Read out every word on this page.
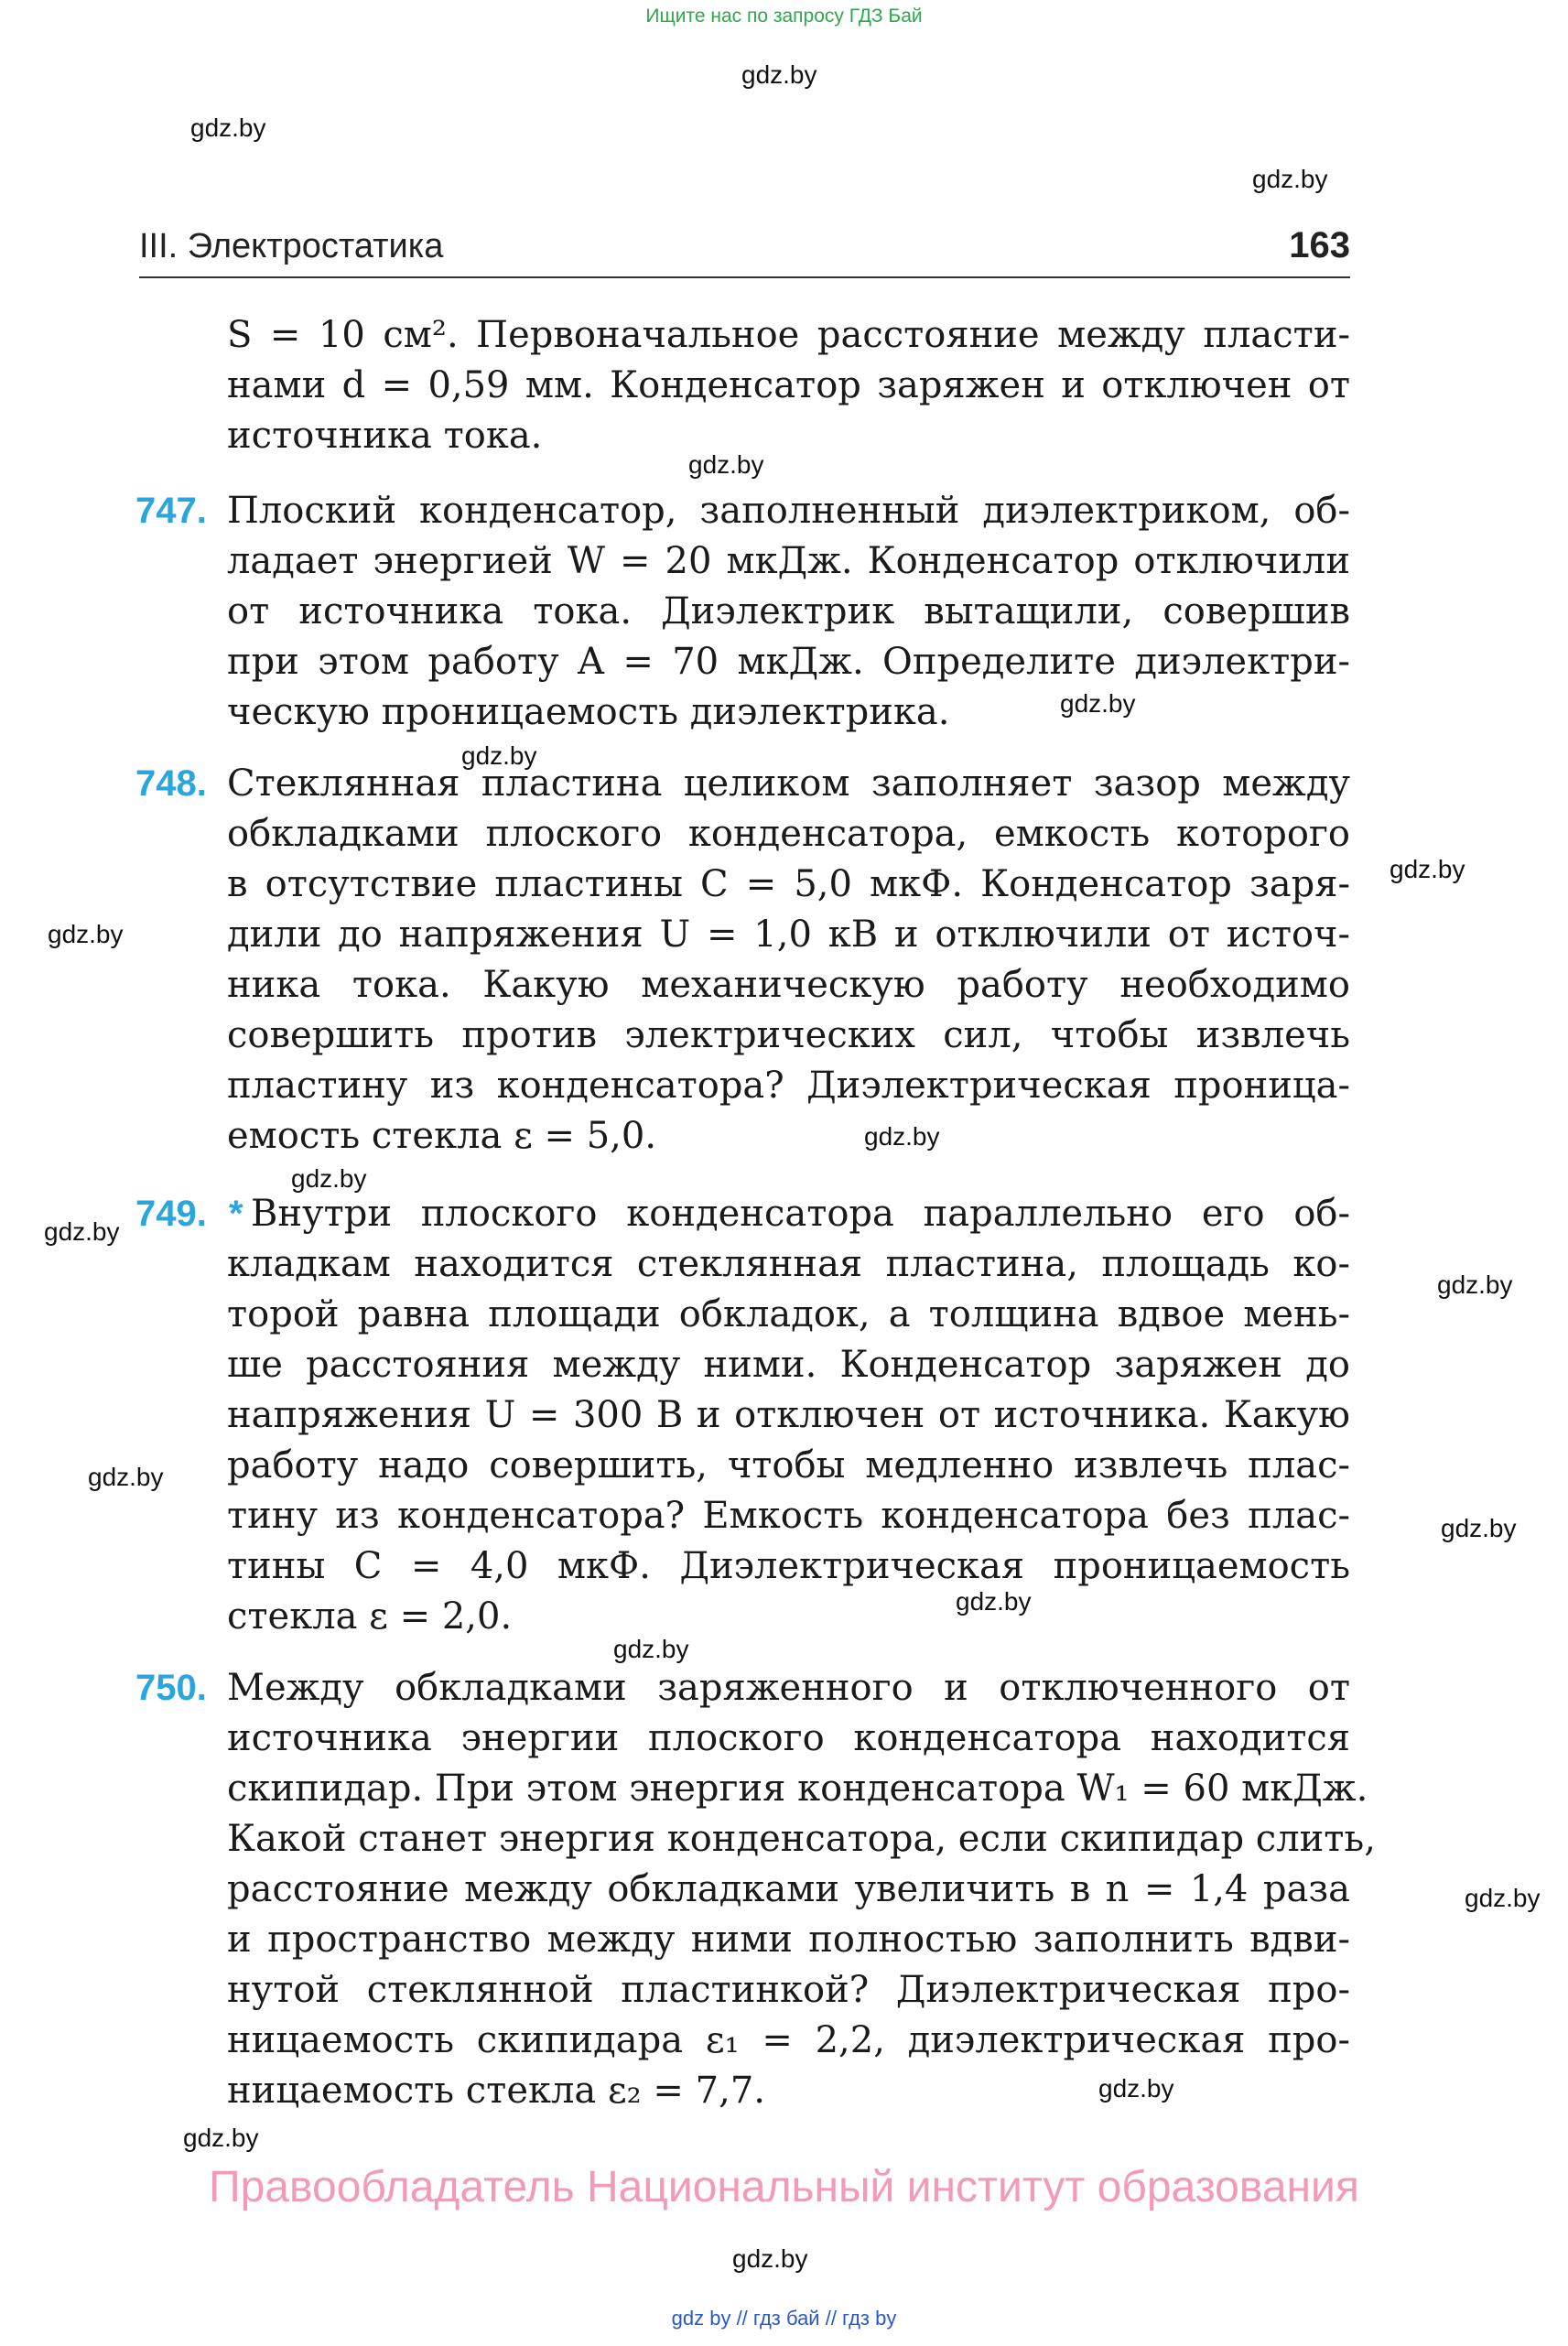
Ищите нас по запросу ГДЗ Бай
gdz.by
gdz.by
gdz.by
gdz.by
gdz.by
gdz.by
gdz.by
gdz.by
gdz.by
gdz.by
gdz.by
gdz.by
gdz.by
gdz.by
gdz.by
gdz.by
gdz.by
gdz.by
gdz.by
III. Электростатика	163
S = 10 см². Первоначальное расстояние между пласти-
нами d = 0,59 мм. Конденсатор заряжен и отключен от
источника тока.
747. Плоский конденсатор, заполненный диэлектриком, об-
ладает энергией W = 20 мкДж. Конденсатор отключили
от источника тока. Диэлектрик вытащили, совершив
при этом работу A = 70 мкДж. Определите диэлектри-
ческую проницаемость диэлектрика.
748. Стеклянная пластина целиком заполняет зазор между
обкладками плоского конденсатора, емкость которого
в отсутствие пластины C = 5,0 мкФ. Конденсатор заря-
дили до напряжения U = 1,0 кВ и отключили от источ-
ника тока. Какую механическую работу необходимо
совершить против электрических сил, чтобы извлечь
пластину из конденсатора? Диэлектрическая проница-
емость стекла ε = 5,0.
749. * Внутри плоского конденсатора параллельно его об-
кладкам находится стеклянная пластина, площадь ко-
торой равна площади обкладок, а толщина вдвое мень-
ше расстояния между ними. Конденсатор заряжен до
напряжения U = 300 В и отключен от источника. Какую
работу надо совершить, чтобы медленно извлечь плас-
тину из конденсатора? Емкость конденсатора без плас-
тины C = 4,0 мкФ. Диэлектрическая проницаемость
стекла ε = 2,0.
750. Между обкладками заряженного и отключенного от
источника энергии плоского конденсатора находится
скипидар. При этом энергия конденсатора W₁ = 60 мкДж.
Какой станет энергия конденсатора, если скипидар слить,
расстояние между обкладками увеличить в n = 1,4 раза
и пространство между ними полностью заполнить вдви-
нутой стеклянной пластинкой? Диэлектрическая про-
ницаемость скипидара ε₁ = 2,2, диэлектрическая про-
ницаемость стекла ε₂ = 7,7.
Правообладатель Национальный институт образования
gdz.by
gdz by // гдз бай // гдз by
